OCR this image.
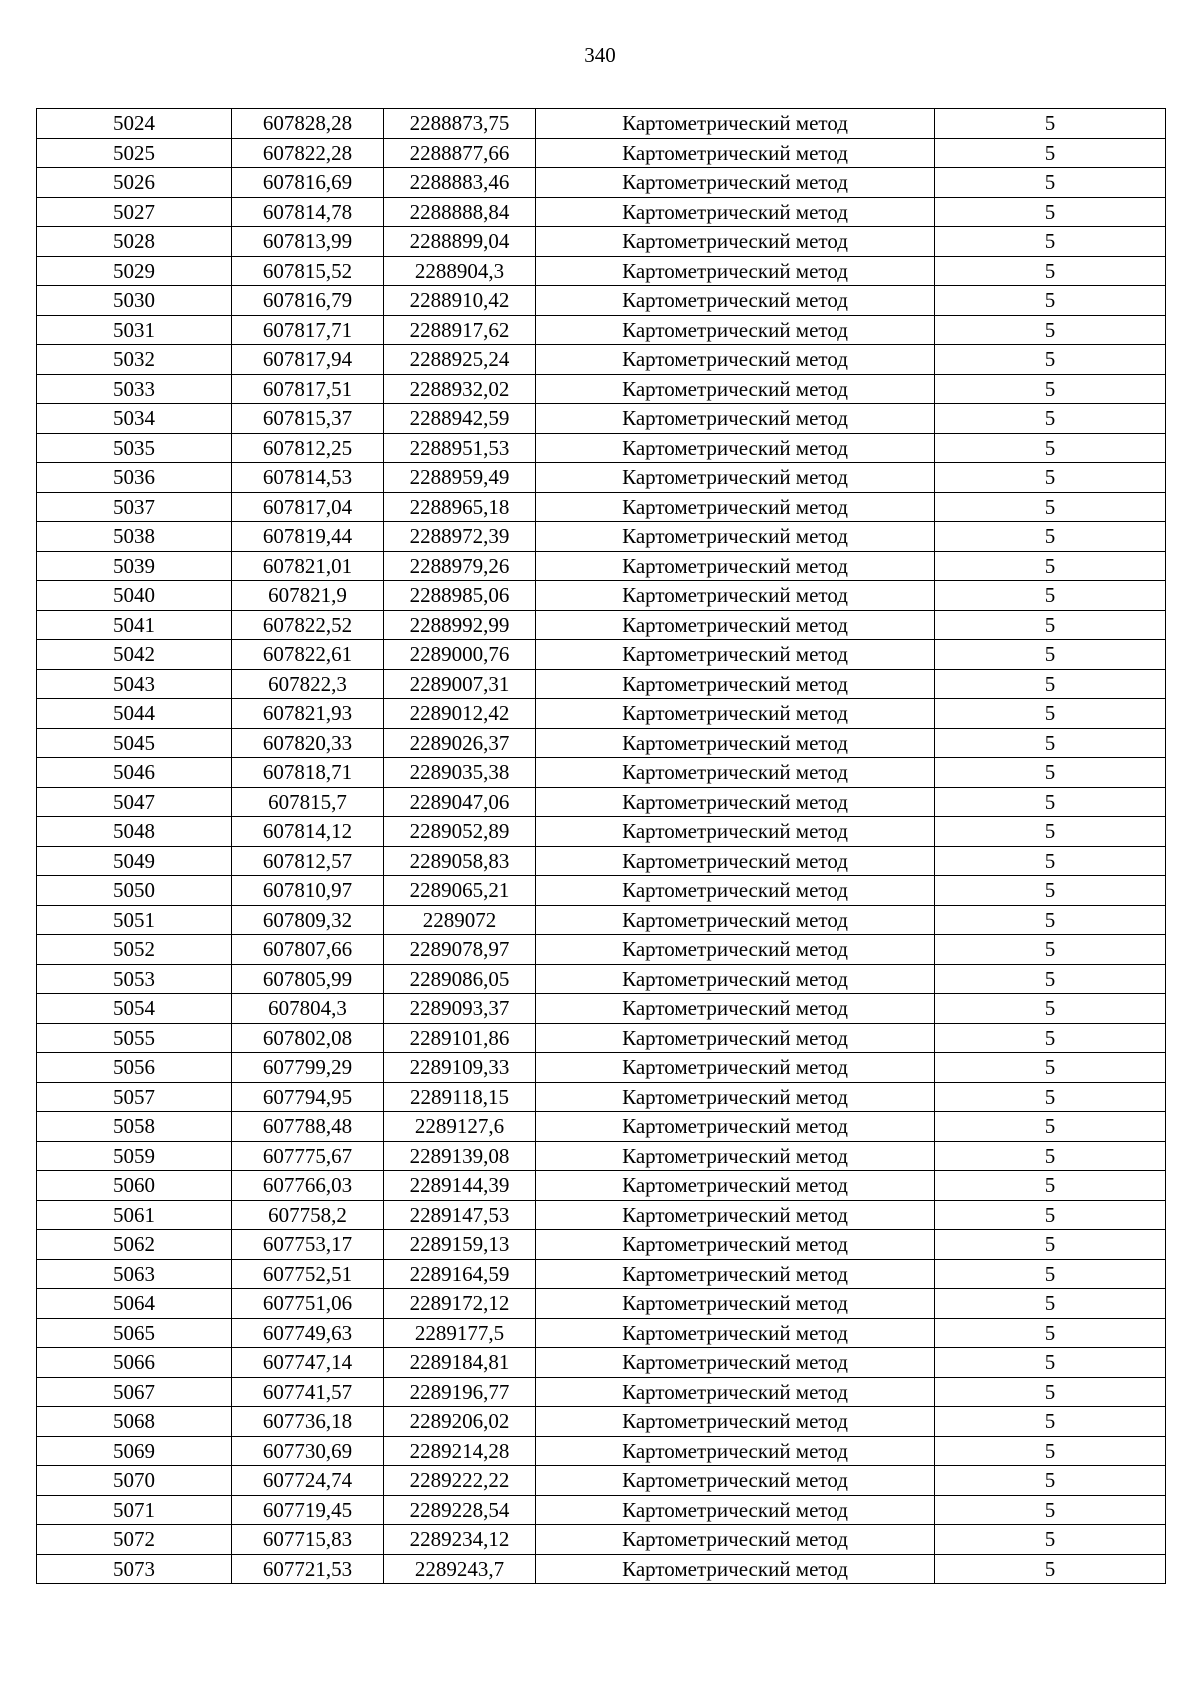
340
5024	607828,28	2288873,75	Картометрический метод	5
5025	607822,28	2288877,66	Картометрический метод	5
5026	607816,69	2288883,46	Картометрический метод	5
5027	607814,78	2288888,84	Картометрический метод	5
5028	607813,99	2288899,04	Картометрический метод	5
5029	607815,52	2288904,3	Картометрический метод	5
5030	607816,79	2288910,42	Картометрический метод	5
5031	607817,71	2288917,62	Картометрический метод	5
5032	607817,94	2288925,24	Картометрический метод	5
5033	607817,51	2288932,02	Картометрический метод	5
5034	607815,37	2288942,59	Картометрический метод	5
5035	607812,25	2288951,53	Картометрический метод	5
5036	607814,53	2288959,49	Картометрический метод	5
5037	607817,04	2288965,18	Картометрический метод	5
5038	607819,44	2288972,39	Картометрический метод	5
5039	607821,01	2288979,26	Картометрический метод	5
5040	607821,9	2288985,06	Картометрический метод	5
5041	607822,52	2288992,99	Картометрический метод	5
5042	607822,61	2289000,76	Картометрический метод	5
5043	607822,3	2289007,31	Картометрический метод	5
5044	607821,93	2289012,42	Картометрический метод	5
5045	607820,33	2289026,37	Картометрический метод	5
5046	607818,71	2289035,38	Картометрический метод	5
5047	607815,7	2289047,06	Картометрический метод	5
5048	607814,12	2289052,89	Картометрический метод	5
5049	607812,57	2289058,83	Картометрический метод	5
5050	607810,97	2289065,21	Картометрический метод	5
5051	607809,32	2289072	Картометрический метод	5
5052	607807,66	2289078,97	Картометрический метод	5
5053	607805,99	2289086,05	Картометрический метод	5
5054	607804,3	2289093,37	Картометрический метод	5
5055	607802,08	2289101,86	Картометрический метод	5
5056	607799,29	2289109,33	Картометрический метод	5
5057	607794,95	2289118,15	Картометрический метод	5
5058	607788,48	2289127,6	Картометрический метод	5
5059	607775,67	2289139,08	Картометрический метод	5
5060	607766,03	2289144,39	Картометрический метод	5
5061	607758,2	2289147,53	Картометрический метод	5
5062	607753,17	2289159,13	Картометрический метод	5
5063	607752,51	2289164,59	Картометрический метод	5
5064	607751,06	2289172,12	Картометрический метод	5
5065	607749,63	2289177,5	Картометрический метод	5
5066	607747,14	2289184,81	Картометрический метод	5
5067	607741,57	2289196,77	Картометрический метод	5
5068	607736,18	2289206,02	Картометрический метод	5
5069	607730,69	2289214,28	Картометрический метод	5
5070	607724,74	2289222,22	Картометрический метод	5
5071	607719,45	2289228,54	Картометрический метод	5
5072	607715,83	2289234,12	Картометрический метод	5
5073	607721,53	2289243,7	Картометрический метод	5
